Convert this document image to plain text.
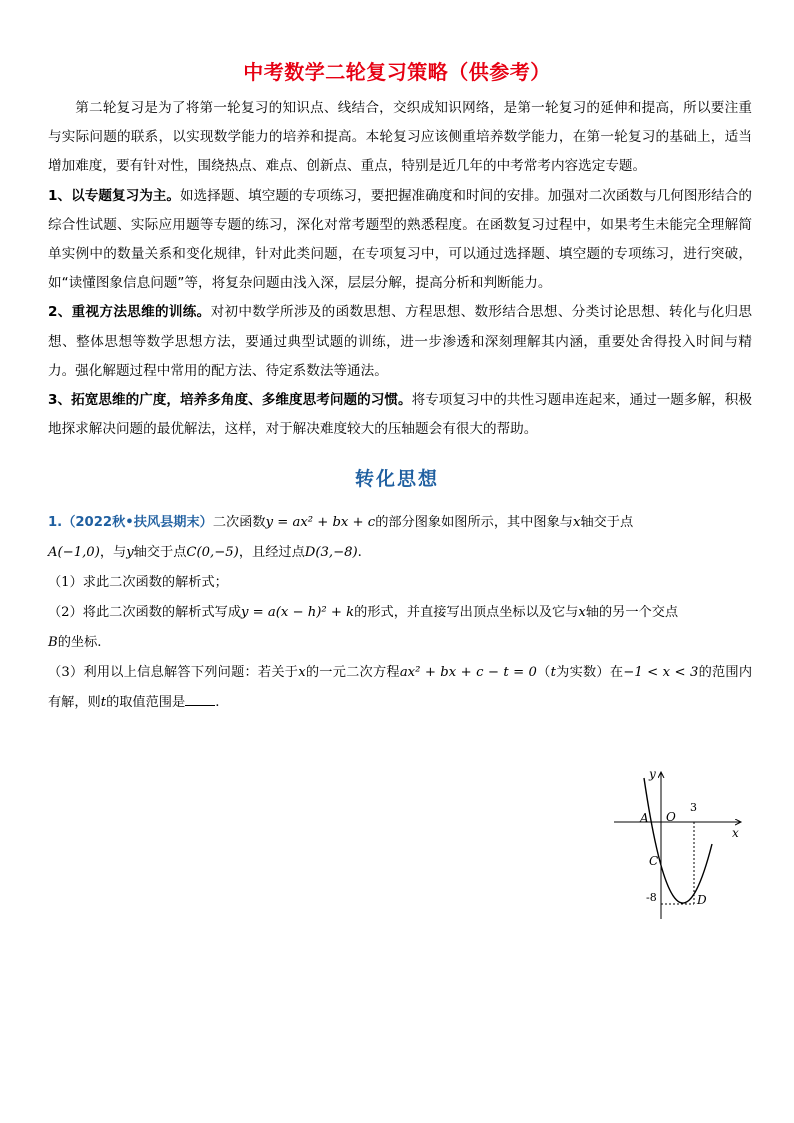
中考数学二轮复习策略（供参考）

第二轮复习是为了将第一轮复习的知识点、线结合，交织成知识网络，是第一轮复习的延伸和提高，所以要注重与实际问题的联系，以实现数学能力的培养和提高。本轮复习应该侧重培养数学能力，在第一轮复习的基础上，适当增加难度，要有针对性，围绕热点、难点、创新点、重点，特别是近几年的中考常考内容选定专题。

1、以专题复习为主。如选择题、填空题的专项练习，要把握准确度和时间的安排。加强对二次函数与几何图形结合的综合性试题、实际应用题等专题的练习，深化对常考题型的熟悉程度。在函数复习过程中，如果考生未能完全理解简单实例中的数量关系和变化规律，针对此类问题，在专项复习中，可以通过选择题、填空题的专项练习，进行突破，如“读懂图象信息问题”等，将复杂问题由浅入深，层层分解，提高分析和判断能力。

2、重视方法思维的训练。对初中数学所涉及的函数思想、方程思想、数形结合思想、分类讨论思想、转化与化归思想、整体思想等数学思想方法，要通过典型试题的训练，进一步渗透和深刻理解其内涵，重要处舍得投入时间与精力。强化解题过程中常用的配方法、待定系数法等通法。

3、拓宽思维的广度，培养多角度、多维度思考问题的习惯。将专项复习中的共性习题串连起来，通过一题多解，积极地探求解决问题的最优解法，这样，对于解决难度较大的压轴题会有很大的帮助。

转化思想

1.（2022秋•扶风县期末）二次函数y = ax² + bx + c的部分图象如图所示，其中图象与x轴交于点
A(−1,0)，与y轴交于点C(0,−5)，且经过点D(3,−8).

（1）求此二次函数的解析式；

（2）将此二次函数的解析式写成y = a(x − h)² + k的形式，并直接写出顶点坐标以及它与x轴的另一个交点
B的坐标.

（3）利用以上信息解答下列问题：若关于x的一元二次方程ax² + bx + c − t = 0（t为实数）在−1 < x < 3的范围内有解，则t的取值范围是 .

y
x
O
A
C
D
3
-8
